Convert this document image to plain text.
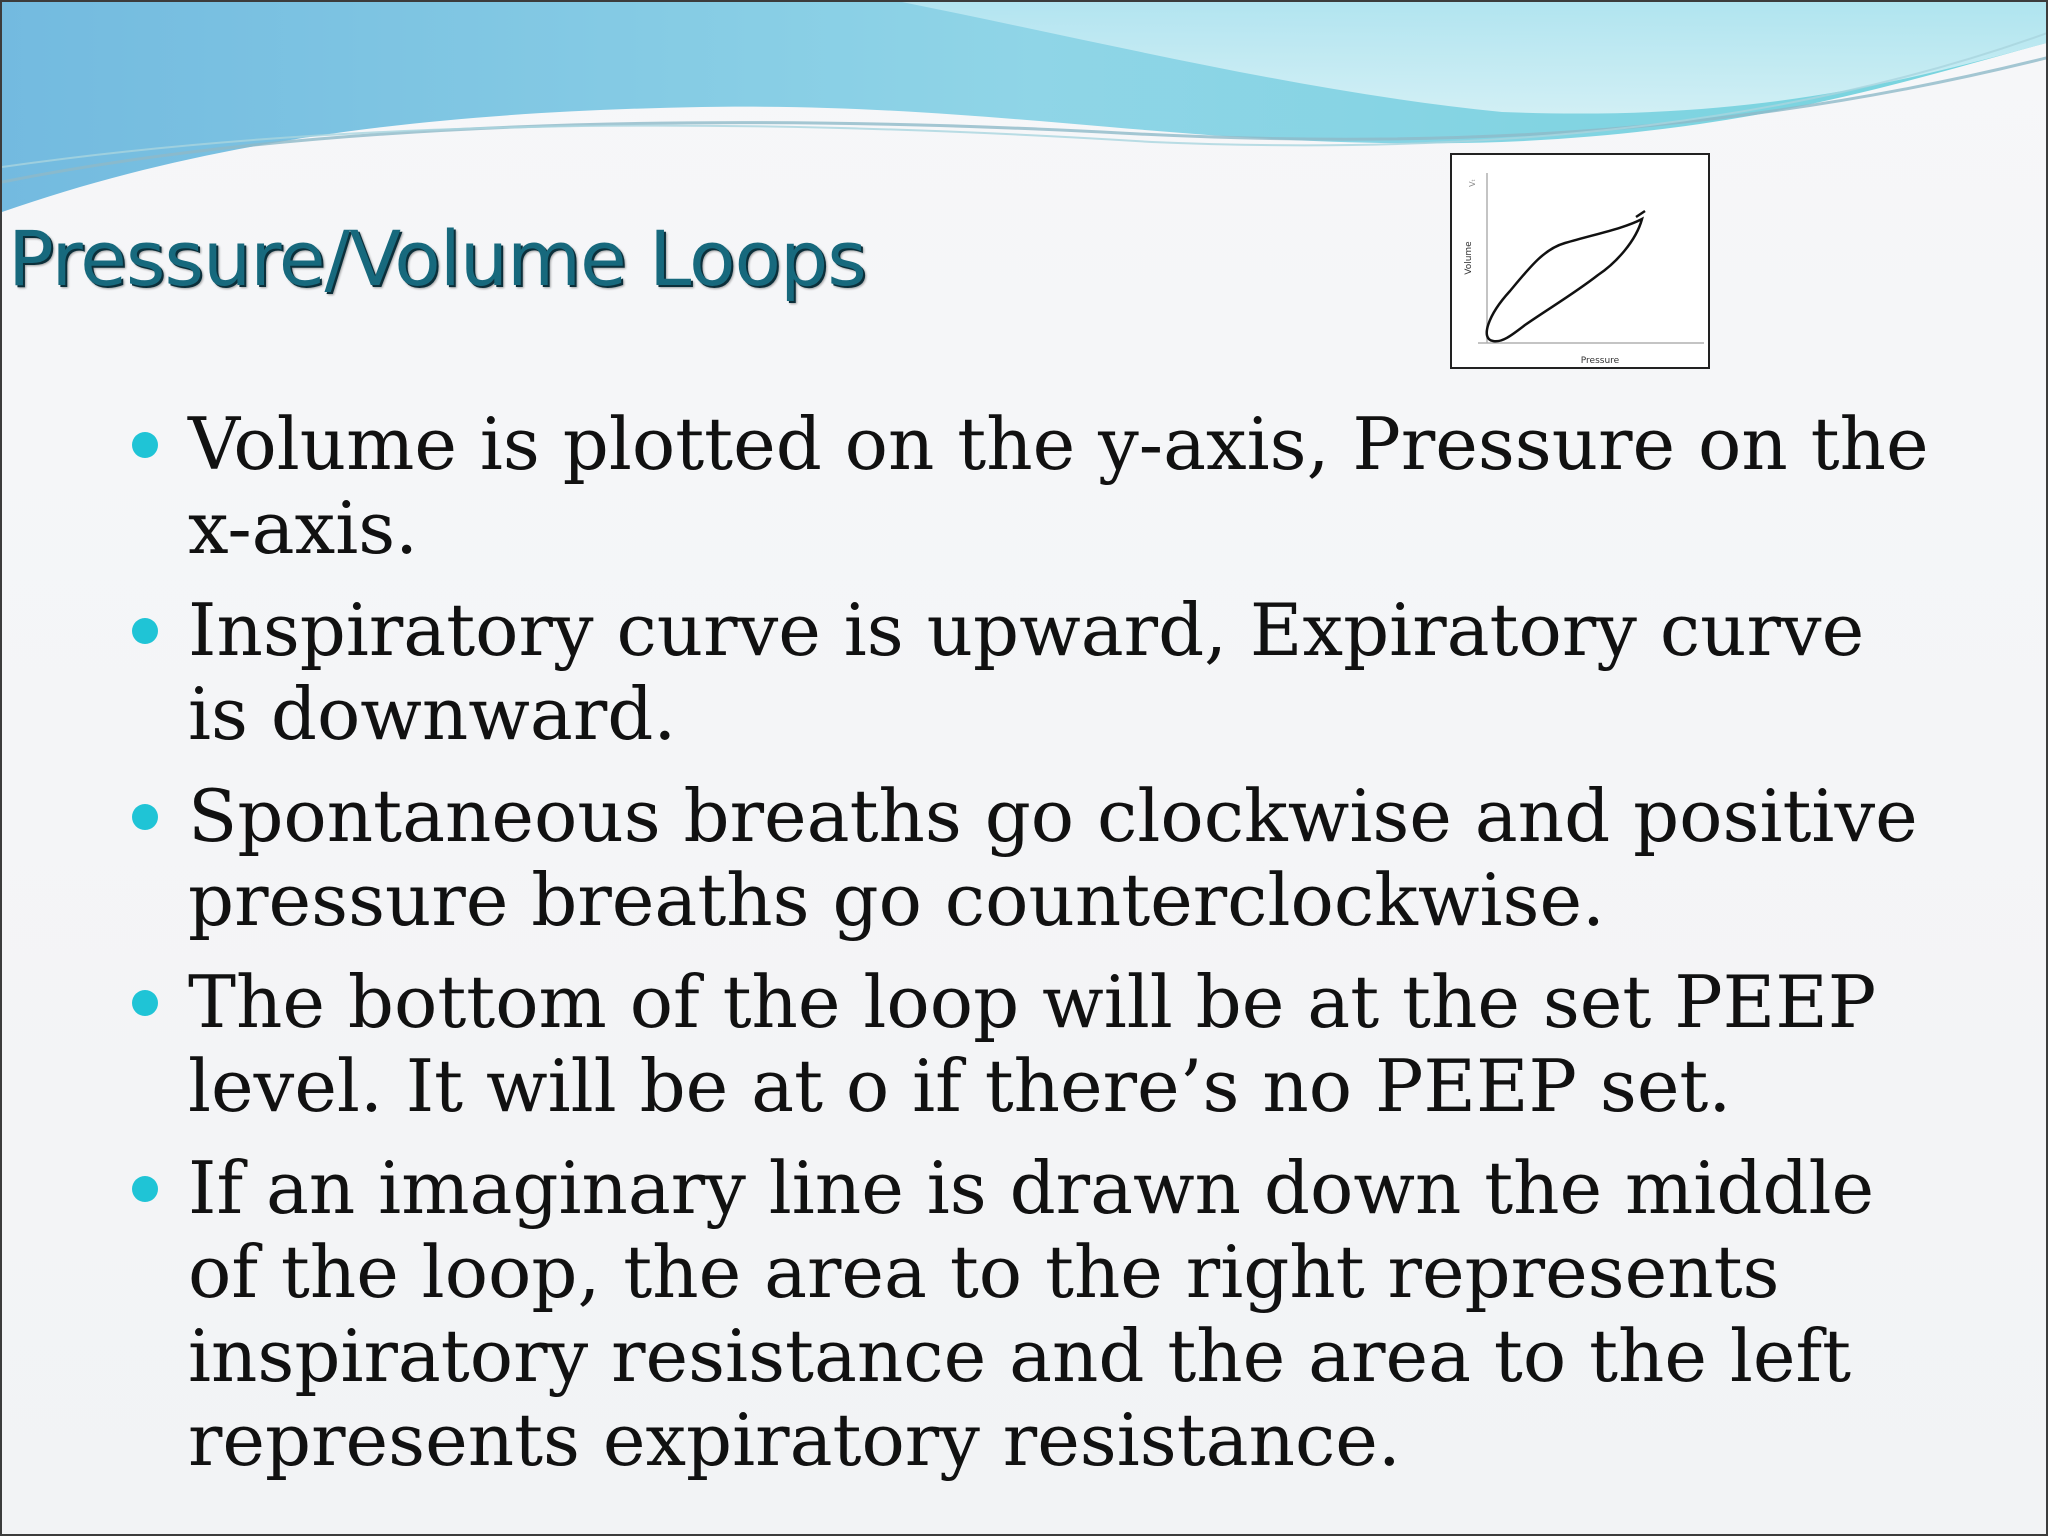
Pressure/Volume Loops	Volume
Pressure
Vₜ
Volume is plotted on the y-axis, Pressure on the x-axis.
Inspiratory curve is upward, Expiratory curve is downward.
Spontaneous breaths go clockwise and positive pressure breaths go counterclockwise.
The bottom of the loop will be at the set PEEP level. It will be at o if there’s no PEEP set.
If an imaginary line is drawn down the middle of the loop, the area to the right represents inspiratory resistance and the area to the left represents expiratory resistance.
